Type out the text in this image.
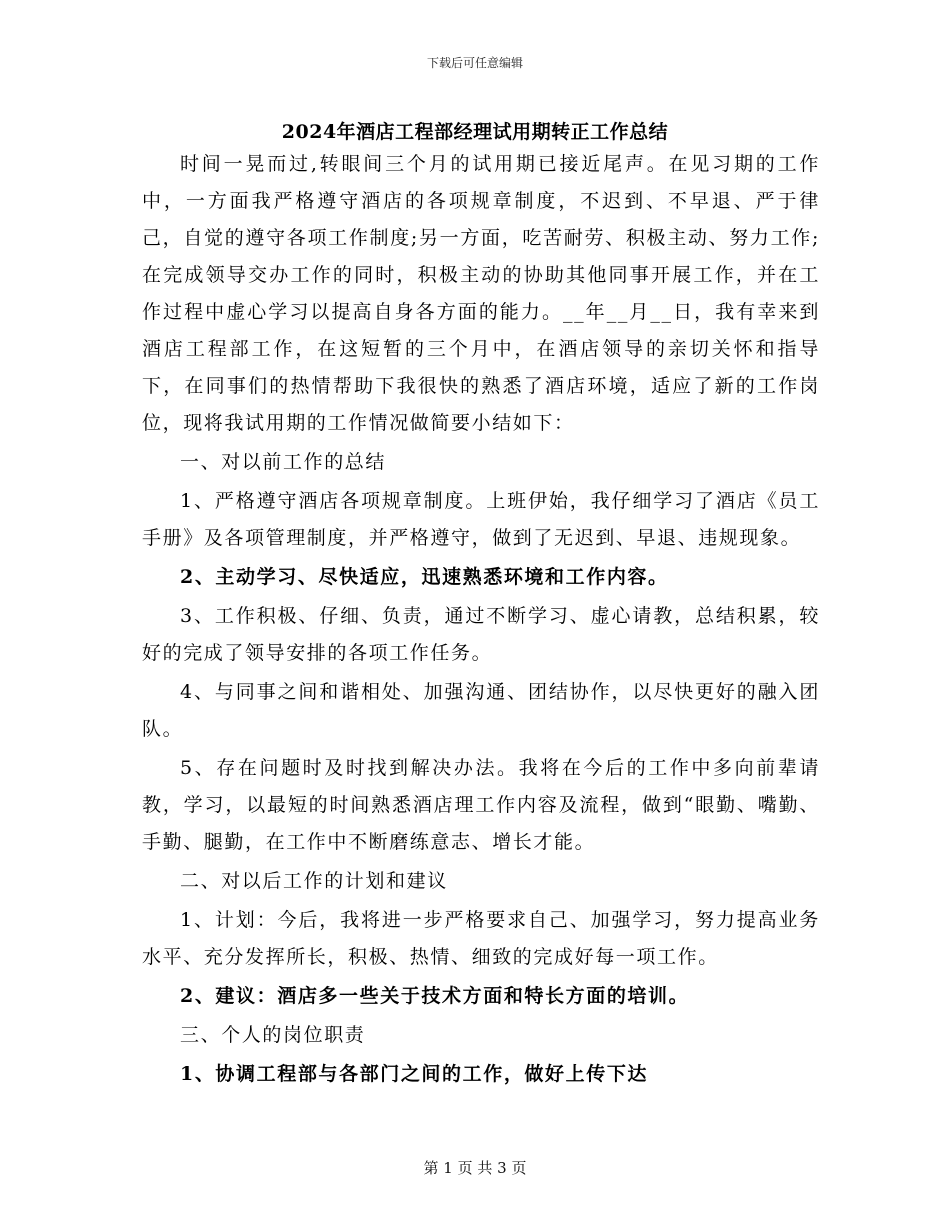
下载后可任意编辑
2024年酒店工程部经理试用期转正工作总结

时间一晃而过,转眼间三个月的试用期已接近尾声。在见习期的工作中，一方面我严格遵守酒店的各项规章制度，不迟到、不早退、严于律己，自觉的遵守各项工作制度;另一方面，吃苦耐劳、积极主动、努力工作;在完成领导交办工作的同时，积极主动的协助其他同事开展工作，并在工作过程中虚心学习以提高自身各方面的能力。__年__月__日，我有幸来到酒店工程部工作，在这短暂的三个月中，在酒店领导的亲切关怀和指导下，在同事们的热情帮助下我很快的熟悉了酒店环境，适应了新的工作岗位，现将我试用期的工作情况做简要小结如下：

一、对以前工作的总结

1、严格遵守酒店各项规章制度。上班伊始，我仔细学习了酒店《员工手册》及各项管理制度，并严格遵守，做到了无迟到、早退、违规现象。

2、主动学习、尽快适应，迅速熟悉环境和工作内容。

3、工作积极、仔细、负责，通过不断学习、虚心请教，总结积累，较好的完成了领导安排的各项工作任务。

4、与同事之间和谐相处、加强沟通、团结协作，以尽快更好的融入团队。

5、存在问题时及时找到解决办法。我将在今后的工作中多向前辈请教，学习，以最短的时间熟悉酒店理工作内容及流程，做到“眼勤、嘴勤、手勤、腿勤，在工作中不断磨练意志、增长才能。

二、对以后工作的计划和建议

1、计划：今后，我将进一步严格要求自己、加强学习，努力提高业务水平、充分发挥所长，积极、热情、细致的完成好每一项工作。

2、建议：酒店多一些关于技术方面和特长方面的培训。

三、个人的岗位职责

1、协调工程部与各部门之间的工作，做好上传下达

第 1 页 共 3 页
